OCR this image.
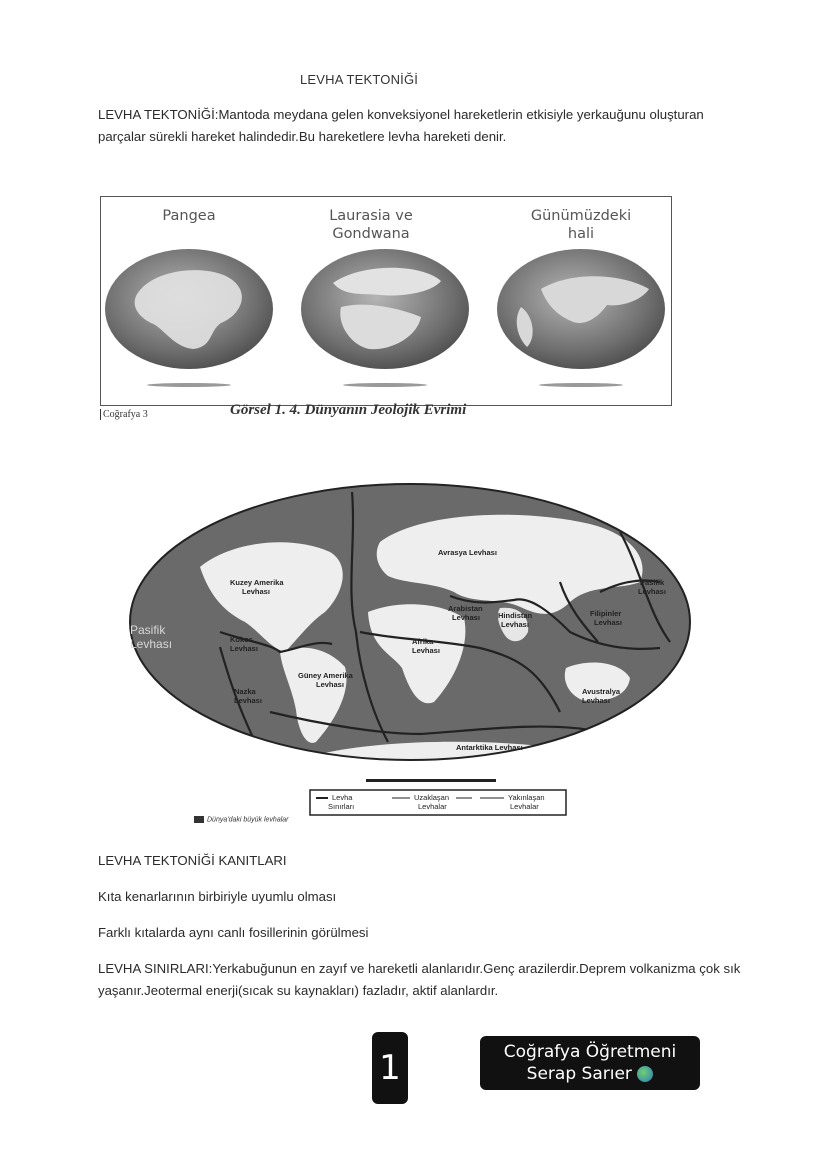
LEVHA TEKTONİĞİ
LEVHA TEKTONİĞİ:Mantoda meydana gelen konveksiyonel hareketlerin etkisiyle yerkauğunu oluşturan parçalar sürekli hareket halindedir.Bu hareketlere levha hareketi denir.
Pangea	Laurasia ve
Gondwana
Günümüzdeki
hali
Coğrafya 3	Görsel 1. 4. Dünyanın Jeolojik Evrimi
Avrasya Levhası
Kuzey Amerika
Levhası
Pasifik
Levhası
Arabistan
Levhası Hindistan
Levhası
Filipinler
Levhası
Afrika
Levhası
Kokos
Levhası
Güney Amerika
Levhası
Nazka
Levhası
Avustralya
Levhası
Antarktika Levhası
Pasifik
Levhası
Levha
Sınırları
Uzaklaşan
Levhalar
Yakınlaşan
Levhalar
Dünya'daki büyük levhalar
LEVHA TEKTONİĞİ KANITLARI
Kıta kenarlarının birbiriyle uyumlu olması
Farklı kıtalarda aynı canlı fosillerinin görülmesi
LEVHA SINIRLARI:Yerkabuğunun en zayıf ve hareketli alanlarıdır.Genç arazilerdir.Deprem volkanizma çok sık yaşanır.Jeotermal enerji(sıcak su kaynakları) fazladır, aktif alanlardır.
1	Coğrafya Öğretmeni
Serap Sarıer
